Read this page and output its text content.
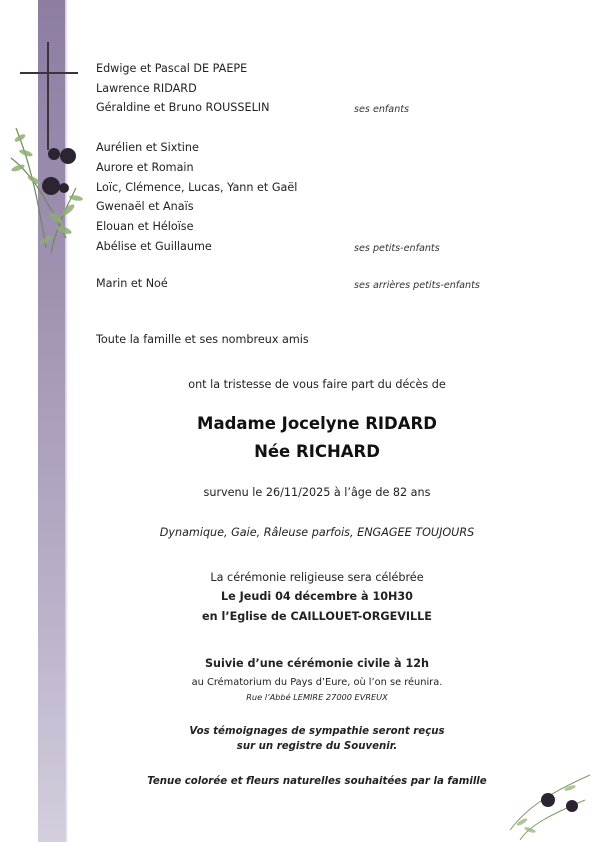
Edwige et Pascal DE PAEPE
Lawrence RIDARD
Géraldine et Bruno ROUSSELIN	ses enfants
Aurélien et Sixtine
Aurore et Romain
Loïc, Clémence, Lucas, Yann et Gaël
Gwenaël et Anaïs
Elouan et Héloïse
Abélise et Guillaume	ses petits-enfants
Marin et Noé	ses arrières petits-enfants
Toute la famille et ses nombreux amis
ont la tristesse de vous faire part du décès de
Madame Jocelyne RIDARD
Née RICHARD
survenu le 26/11/2025 à l’âge de 82 ans
Dynamique, Gaie, Râleuse parfois, ENGAGEE TOUJOURS
La cérémonie religieuse sera célébrée
Le Jeudi 04 décembre à 10H30
en l’Eglise de CAILLOUET-ORGEVILLE
Suivie d’une cérémonie civile à 12h
au Crématorium du Pays d’Eure, où l’on se réunira.
Rue l’Abbé LEMIRE 27000 EVREUX
Vos témoignages de sympathie seront reçus
sur un registre du Souvenir.
Tenue colorée et fleurs naturelles souhaitées par la famille
